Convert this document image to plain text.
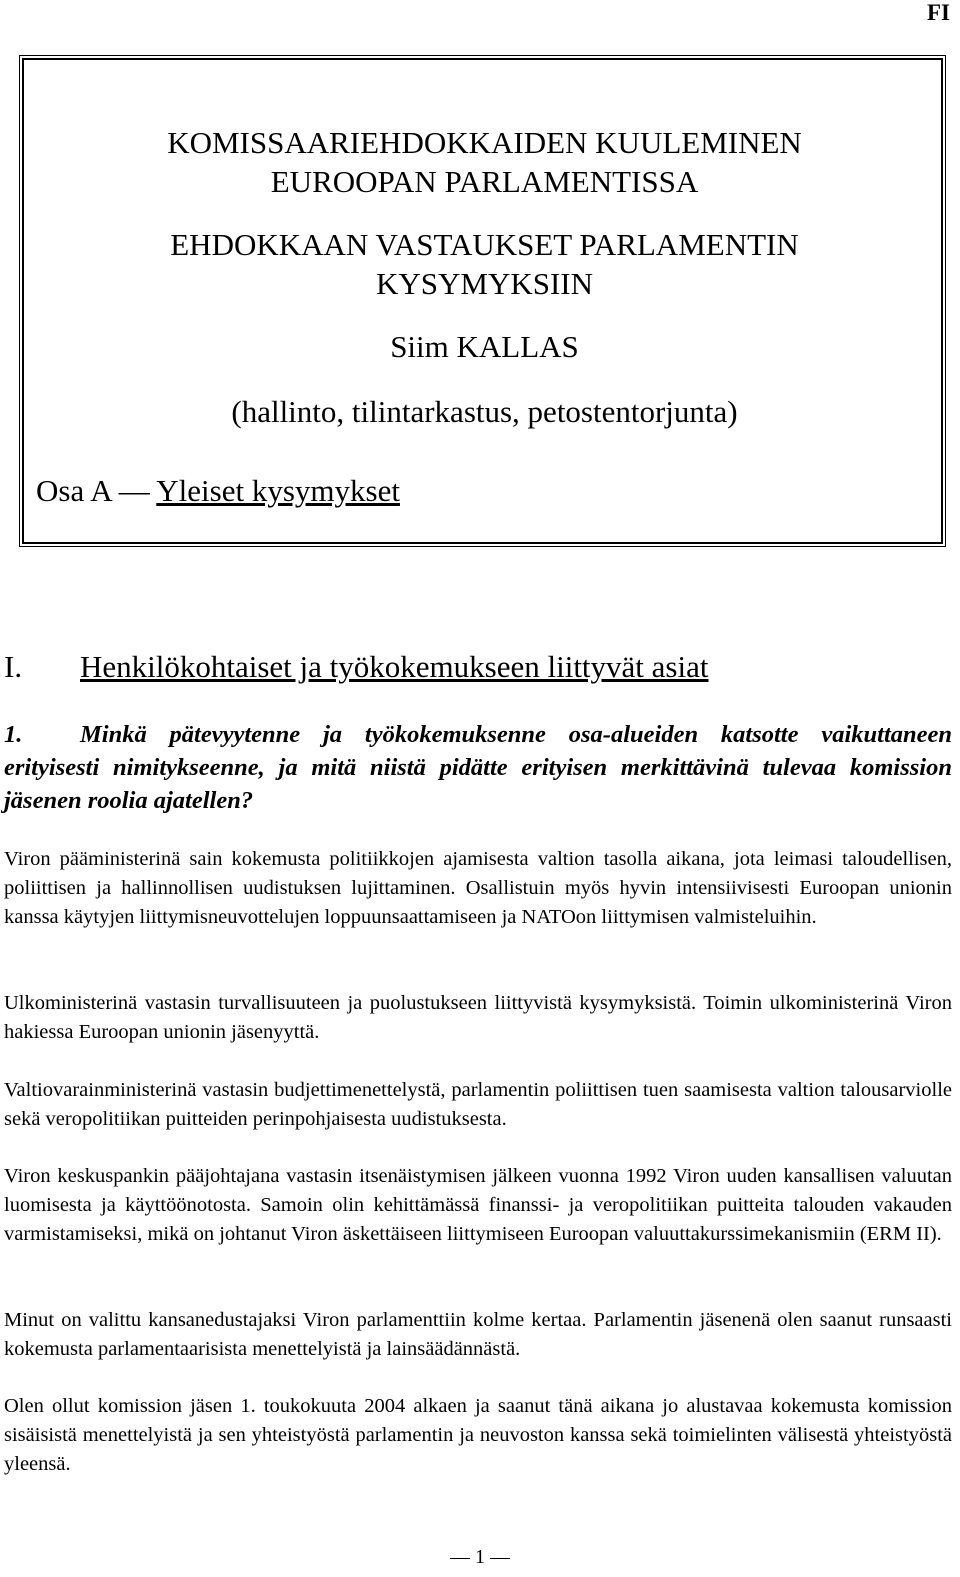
FI
KOMISSAARIEHDOKKAIDEN KUULEMINEN
EUROOPAN PARLAMENTISSA
EHDOKKAAN VASTAUKSET PARLAMENTIN
KYSYMYKSIIN
Siim KALLAS
(hallinto, tilintarkastus, petostentorjunta)
Osa A — Yleiset kysymykset
I. Henkilökohtaiset ja työkokemukseen liittyvät asiat
1. Minkä pätevyytenne ja työkokemuksenne osa-alueiden katsotte vaikuttaneen erityisesti nimitykseenne, ja mitä niistä pidätte erityisen merkittävinä tulevaa komission jäsenen roolia ajatellen?
Viron pääministerinä sain kokemusta politiikkojen ajamisesta valtion tasolla aikana, jota leimasi taloudellisen, poliittisen ja hallinnollisen uudistuksen lujittaminen. Osallistuin myös hyvin intensiivisesti Euroopan unionin kanssa käytyjen liittymisneuvottelujen loppuunsaattamiseen ja NATOon liittymisen valmisteluihin.
Ulkoministerinä vastasin turvallisuuteen ja puolustukseen liittyvistä kysymyksistä. Toimin ulkoministerinä Viron hakiessa Euroopan unionin jäsenyyttä.
Valtiovarainministerinä vastasin budjettimenettelystä, parlamentin poliittisen tuen saamisesta valtion talousarviolle sekä veropolitiikan puitteiden perinpohjaisesta uudistuksesta.
Viron keskuspankin pääjohtajana vastasin itsenäistymisen jälkeen vuonna 1992 Viron uuden kansallisen valuutan luomisesta ja käyttöönotosta. Samoin olin kehittämässä finanssi- ja veropolitiikan puitteita talouden vakauden varmistamiseksi, mikä on johtanut Viron äskettäiseen liittymiseen Euroopan valuuttakurssimekanismiin (ERM II).
Minut on valittu kansanedustajaksi Viron parlamenttiin kolme kertaa. Parlamentin jäsenenä olen saanut runsaasti kokemusta parlamentaarisista menettelyistä ja lainsäädännästä.
Olen ollut komission jäsen 1. toukokuuta 2004 alkaen ja saanut tänä aikana jo alustavaa kokemusta komission sisäisistä menettelyistä ja sen yhteistyöstä parlamentin ja neuvoston kanssa sekä toimielinten välisestä yhteistyöstä yleensä.
— 1 —
